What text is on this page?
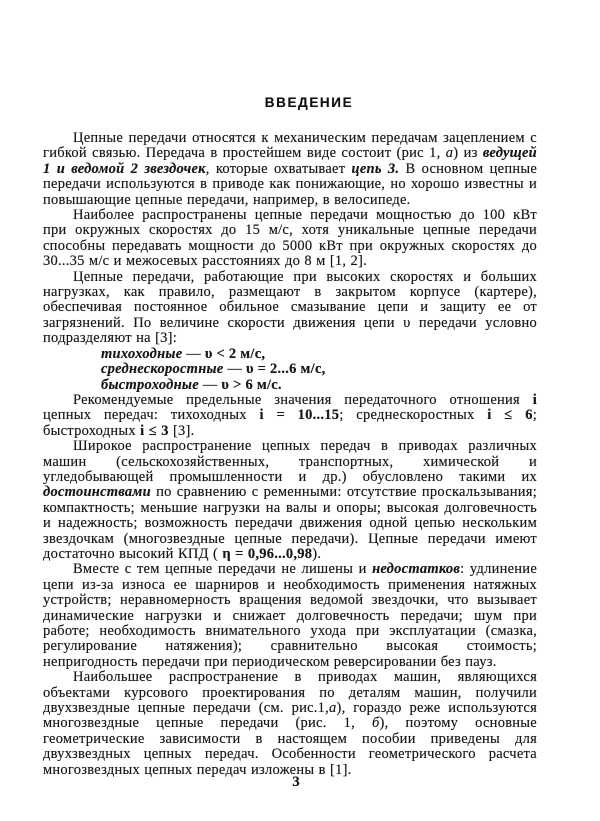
ВВЕДЕНИЕ

Цепные передачи относятся к механическим передачам зацеплением с гибкой связью. Передача в простейшем виде состоит (рис 1, а) из ведущей 1 и ведомой 2 звездочек, которые охватывает цепь 3. В основном цепные передачи используются в приводе как понижающие, но хорошо известны и повышающие цепные передачи, например, в велосипеде.

Наиболее распространены цепные передачи мощностью до 100 кВт при окружных скоростях до 15 м/с, хотя уникальные цепные передачи способны передавать мощности до 5000 кВт при окружных скоростях до 30...35 м/с и межосевых расстояниях до 8 м [1, 2].

Цепные передачи, работающие при высоких скоростях и больших нагрузках, как правило, размещают в закрытом корпусе (картере), обеспечивая постоянное обильное смазывание цепи и защиту ее от загрязнений. По величине скорости движения цепи υ передачи условно подразделяют на [3]:

тихоходные — υ < 2 м/с,
среднескоростные — υ = 2...6 м/с,
быстроходные — υ > 6 м/с.

Рекомендуемые предельные значения передаточного отношения i цепных передач: тихоходных i = 10...15; среднескоростных i ≤ 6; быстроходных i ≤ 3 [3].

Широкое распространение цепных передач в приводах различных машин (сельскохозяйственных, транспортных, химической и угледобывающей промышленности и др.) обусловлено такими их достоинствами по сравнению с ременными: отсутствие проскальзывания; компактность; меньшие нагрузки на валы и опоры; высокая долговечность и надежность; возможность передачи движения одной цепью нескольким звездочкам (многозвездные цепные передачи). Цепные передачи имеют достаточно высокий КПД ( η = 0,96...0,98).

Вместе с тем цепные передачи не лишены и недостатков: удлинение цепи из-за износа ее шарниров и необходимость применения натяжных устройств; неравномерность вращения ведомой звездочки, что вызывает динамические нагрузки и снижает долговечность передачи; шум при работе; необходимость внимательного ухода при эксплуатации (смазка, регулирование натяжения); сравнительно высокая стоимость; непригодность передачи при периодическом реверсировании без пауз.

Наибольшее распространение в приводах машин, являющихся объектами курсового проектирования по деталям машин, получили двухзвездные цепные передачи (см. рис.1,а), гораздо реже используются многозвездные цепные передачи (рис. 1, б), поэтому основные геометрические зависимости в настоящем пособии приведены для двухзвездных цепных передач. Особенности геометрического расчета многозвездных цепных передач изложены в [1].

3
